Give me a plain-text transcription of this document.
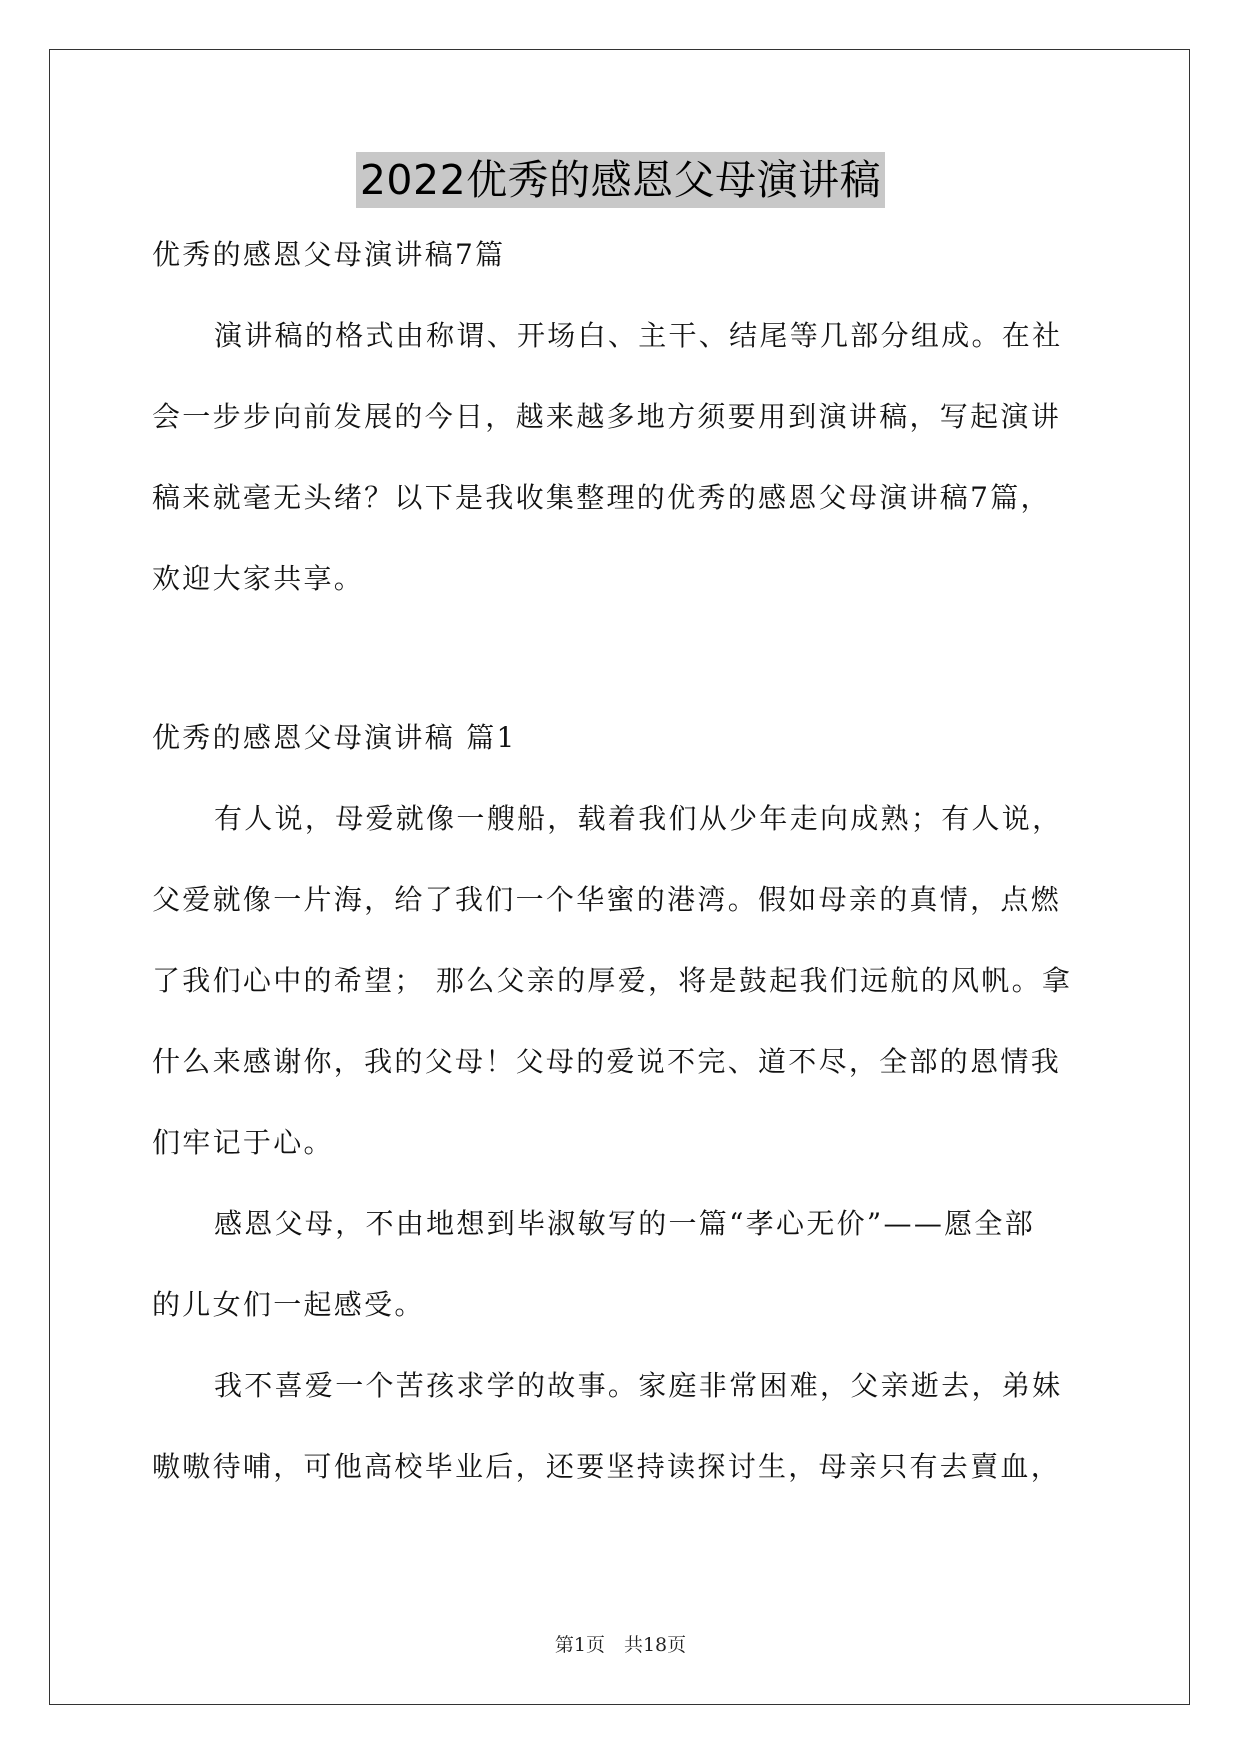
2022优秀的感恩父母演讲稿
优秀的感恩父母演讲稿7篇
演讲稿的格式由称谓、开场白、主干、结尾等几部分组成。在社
会一步步向前发展的今日，越来越多地方须要用到演讲稿，写起演讲
稿来就毫无头绪？以下是我收集整理的优秀的感恩父母演讲稿7篇，
欢迎大家共享。
优秀的感恩父母演讲稿 篇1
有人说，母爱就像一艘船，载着我们从少年走向成熟；有人说，
父爱就像一片海，给了我们一个华蜜的港湾。假如母亲的真情，点燃
了我们心中的希望； 那么父亲的厚爱，将是鼓起我们远航的风帆。拿
什么来感谢你，我的父母！父母的爱说不完、道不尽，全部的恩情我
们牢记于心。
感恩父母，不由地想到毕淑敏写的一篇“孝心无价”——愿全部
的儿女们一起感受。
我不喜爱一个苦孩求学的故事。家庭非常困难，父亲逝去，弟妹
嗷嗷待哺，可他高校毕业后，还要坚持读探讨生，母亲只有去賣血，
第1页　共18页
